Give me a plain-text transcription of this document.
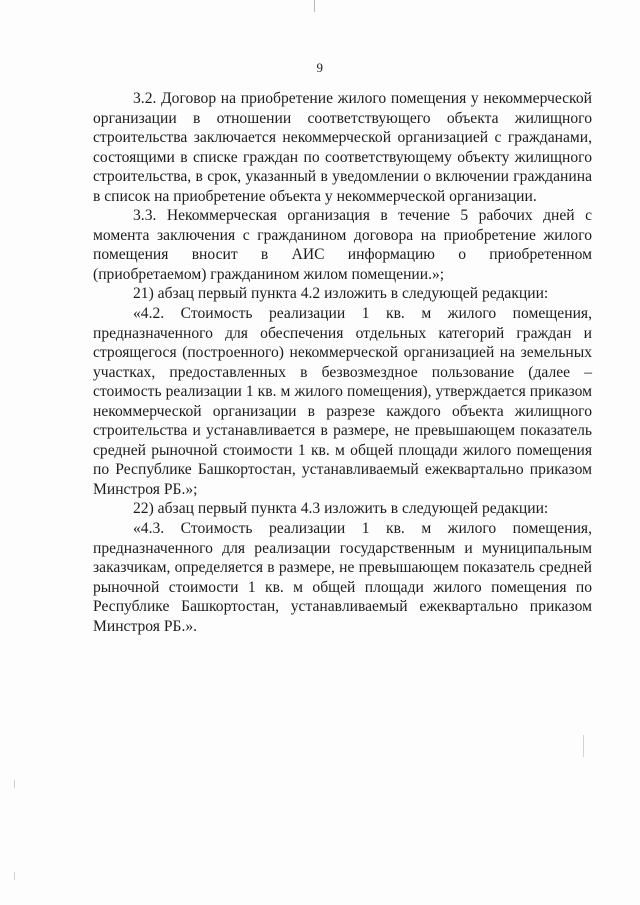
9

3.2. Договор на приобретение жилого помещения у некоммерческой организации в отношении соответствующего объекта жилищного строительства заключается некоммерческой организацией с гражданами, состоящими в списке граждан по соответствующему объекту жилищного строительства, в срок, указанный в уведомлении о включении гражданина в список на приобретение объекта у некоммерческой организации.

3.3. Некоммерческая организация в течение 5 рабочих дней с момента заключения с гражданином договора на приобретение жилого помещения вносит в АИС информацию о приобретенном (приобретаемом) гражданином жилом помещении.»;

21) абзац первый пункта 4.2 изложить в следующей редакции:

«4.2. Стоимость реализации 1 кв. м жилого помещения, предназначенного для обеспечения отдельных категорий граждан и строящегося (построенного) некоммерческой организацией на земельных участках, предоставленных в безвозмездное пользование (далее – стоимость реализации 1 кв. м жилого помещения), утверждается приказом некоммерческой организации в разрезе каждого объекта жилищного строительства и устанавливается в размере, не превышающем показатель средней рыночной стоимости 1 кв. м общей площади жилого помещения по Республике Башкортостан, устанавливаемый ежеквартально приказом Минстроя РБ.»;

22) абзац первый пункта 4.3 изложить в следующей редакции:

«4.3. Стоимость реализации 1 кв. м жилого помещения, предназначенного для реализации государственным и муниципальным заказчикам, определяется в размере, не превышающем показатель средней рыночной стоимости 1 кв. м общей площади жилого помещения по Республике Башкортостан, устанавливаемый ежеквартально приказом Минстроя РБ.».
